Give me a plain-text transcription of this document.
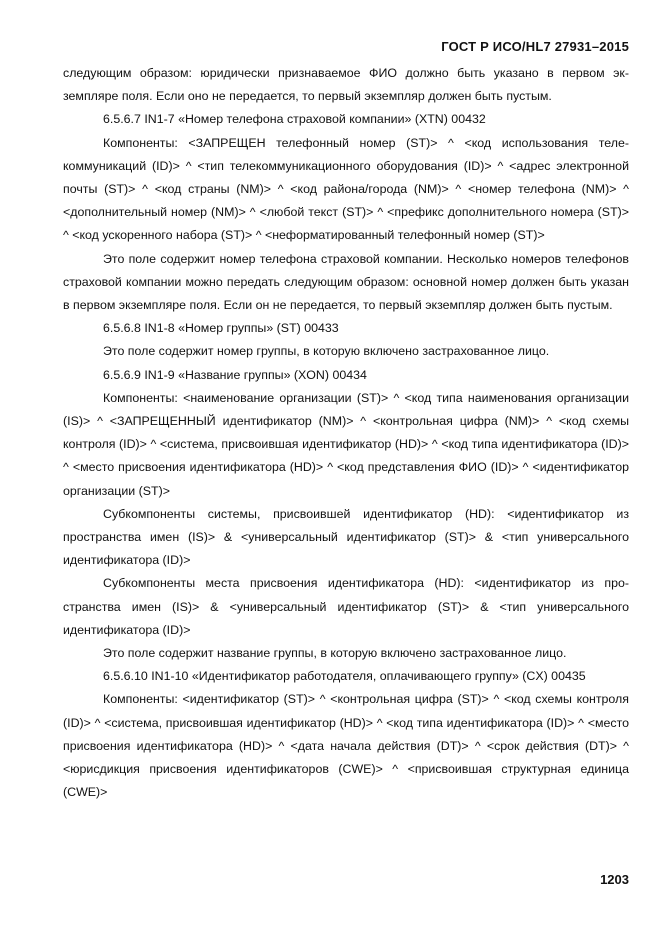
ГОСТ Р ИСО/HL7 27931–2015

следующим образом: юридически признаваемое ФИО должно быть указано в первом экземпляре поля. Если оно не передается, то первый экземпляр должен быть пустым.

6.5.6.7 IN1-7 «Номер телефона страховой компании» (XTN) 00432

Компоненты: <ЗАПРЕЩЕН телефонный номер (ST)> ^ <код использования телекоммуникаций (ID)> ^ <тип телекоммуникационного оборудования (ID)> ^ <адрес электронной почты (ST)> ^ <код страны (NM)> ^ <код района/города (NM)> ^ <номер телефона (NM)> ^ <дополнительный номер (NM)> ^ <любой текст (ST)> ^ <префикс дополнительного номера (ST)> ^ <код ускоренного набора (ST)> ^ <неформатированный телефонный номер (ST)>

Это поле содержит номер телефона страховой компании. Несколько номеров телефонов страховой компании можно передать следующим образом: основной номер должен быть указан в первом экземпляре поля. Если он не передается, то первый экземпляр должен быть пустым.

6.5.6.8 IN1-8 «Номер группы» (ST) 00433

Это поле содержит номер группы, в которую включено застрахованное лицо.

6.5.6.9 IN1-9 «Название группы» (XON) 00434

Компоненты: <наименование организации (ST)> ^ <код типа наименования организации (IS)> ^ <ЗАПРЕЩЕННЫЙ идентификатор (NM)> ^ <контрольная цифра (NM)> ^ <код схемы контроля (ID)> ^ <система, присвоившая идентификатор (HD)> ^ <код типа идентификатора (ID)> ^ <место присвоения идентификатора (HD)> ^ <код представления ФИО (ID)> ^ <идентификатор организации (ST)>

Субкомпоненты системы, присвоившей идентификатор (HD): <идентификатор из пространства имен (IS)> & <универсальный идентификатор (ST)> & <тип универсального идентификатора (ID)>

Субкомпоненты места присвоения идентификатора (HD): <идентификатор из пространства имен (IS)> & <универсальный идентификатор (ST)> & <тип универсального идентификатора (ID)>

Это поле содержит название группы, в которую включено застрахованное лицо.

6.5.6.10 IN1-10 «Идентификатор работодателя, оплачивающего группу» (CX) 00435

Компоненты: <идентификатор (ST)> ^ <контрольная цифра (ST)> ^ <код схемы контроля (ID)> ^ <система, присвоившая идентификатор (HD)> ^ <код типа идентификатора (ID)> ^ <место присвоения идентификатора (HD)> ^ <дата начала действия (DT)> ^ <срок действия (DT)> ^ <юрисдикция присвоения идентификаторов (CWE)> ^ <присвоившая структурная единица (CWE)>

1203
